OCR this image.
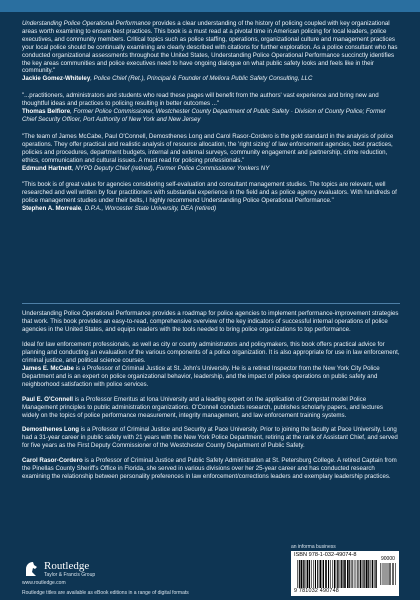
Understanding Police Operational Performance provides a clear understanding of the history of policing coupled with key organizational areas worth examining to ensure best practices. This book is a must read at a pivotal time in American policing for local leaders, police executives, and community members. Critical topics such as police staffing, operations, organizational culture and management practices your local police should be continually examining are clearly described with citations for further exploration. As a police consultant who has conducted organizational assessments throughout the United States, Understanding Police Operational Performance succinctly identifies the key areas communities and police executives need to have ongoing dialogue on what public safety looks and feels like in their community."
Jackie Gomez-Whiteley, Police Chief (Ret.), Principal & Founder of Meliora Public Safety Consulting, LLC

"...practitioners, administrators and students who read these pages will benefit from the authors' vast experience and bring new and thoughtful ideas and practices to policing resulting in better outcomes ..."
Thomas Belfiore, Former Police Commissioner, Westchester County Department of Public Safety · Division of County Police; Former Chief Security Officer, Port Authority of New York and New Jersey

"The team of James McCabe, Paul O'Connell, Demosthenes Long and Carol Rasor-Cordero is the gold standard in the analysis of police operations. They offer practical and realistic analysis of resource allocation, the 'right sizing' of law enforcement agencies, best practices, policies and procedures, department budgets, internal and external surveys, community engagement and partnership, crime reduction, ethics, communication and cultural issues. A must read for policing professionals."
Edmund Hartnett, NYPD Deputy Chief (retired), Former Police Commissioner Yonkers NY

"This book is of great value for agencies considering self-evaluation and consultant management studies. The topics are relevant, well researched and well written by four practitioners with substantial experience in the field and as police agency evaluators. With hundreds of police management studies under their belts, I highly recommend Understanding Police Operational Performance."
Stephen A. Morreale, D.P.A., Worcester State University, DEA (retired)

Understanding Police Operational Performance provides a roadmap for police agencies to implement performance-improvement strategies that work. This book provides an easy-to-read, comprehensive overview of the key indicators of successful internal operations of police agencies in the United States, and equips readers with the tools needed to bring police organizations to top performance.

Ideal for law enforcement professionals, as well as city or county administrators and policymakers, this book offers practical advice for planning and conducting an evaluation of the various components of a police organization. It is also appropriate for use in law enforcement, criminal justice, and political science courses.

James E. McCabe is a Professor of Criminal Justice at St. John's University. He is a retired Inspector from the New York City Police Department and is an expert on police organizational behavior, leadership, and the impact of police operations on public safety and neighborhood satisfaction with police services.

Paul E. O'Connell is a Professor Emeritus at Iona University and a leading expert on the application of Compstat model Police Management principles to public administration organizations. O'Connell conducts research, publishes scholarly papers, and lectures widely on the topics of police performance measurement, integrity management, and law enforcement training systems.

Demosthenes Long is a Professor of Criminal Justice and Security at Pace University. Prior to joining the faculty at Pace University, Long had a 31-year career in public safety with 21 years with the New York Police Department, retiring at the rank of Assistant Chief, and served for five years as the First Deputy Commissioner of the Westchester County Department of Public Safety.

Carol Rasor-Cordero is a Professor of Criminal Justice and Public Safety Administration at St. Petersburg College. A retired Captain from the Pinellas County Sheriff's Office in Florida, she served in various divisions over her 25-year career and has conducted research examining the relationship between personality preferences in law enforcement/corrections leaders and exemplary leadership practices.

Routledge
Taylor & Francis Group
www.routledge.com
Routledge titles are available as eBook editions in a range of digital formats
an informa business
ISBN 978-1-032-49074-8
90000
9 781032 490748
